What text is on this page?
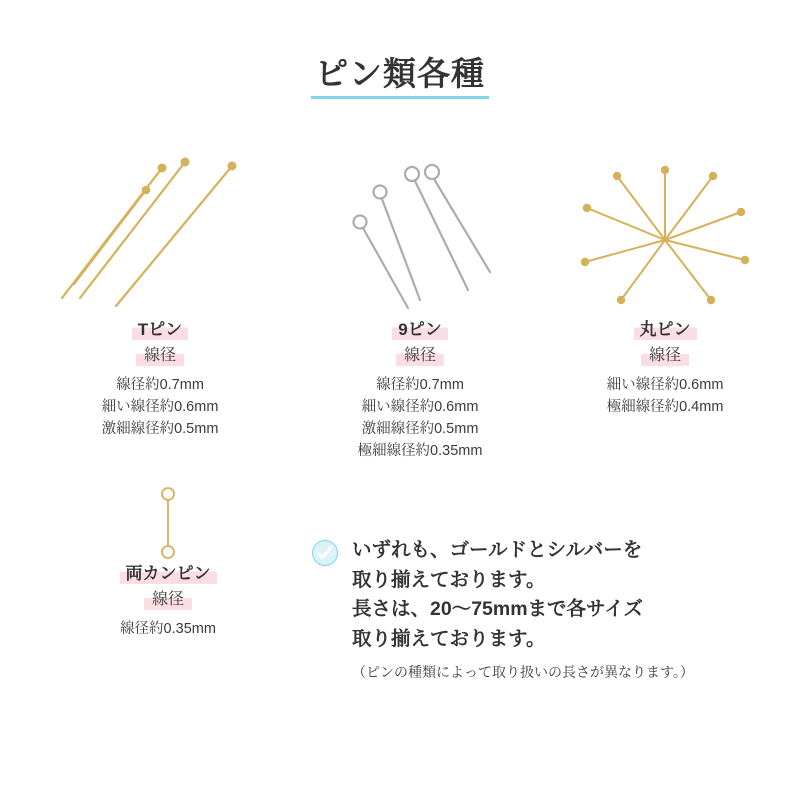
ピン類各種
Tピン
線径
線径約0.7mm
細い線径約0.6mm
激細線径約0.5mm
9ピン
線径
線径約0.7mm
細い線径約0.6mm
激細線径約0.5mm
極細線径約0.35mm
丸ピン
線径
細い線径約0.6mm
極細線径約0.4mm
両カンピン
線径
線径約0.35mm
いずれも、ゴールドとシルバーを
取り揃えております。
長さは、20〜75mmまで各サイズ
取り揃えております。
（ピンの種類によって取り扱いの長さが異なります。）
